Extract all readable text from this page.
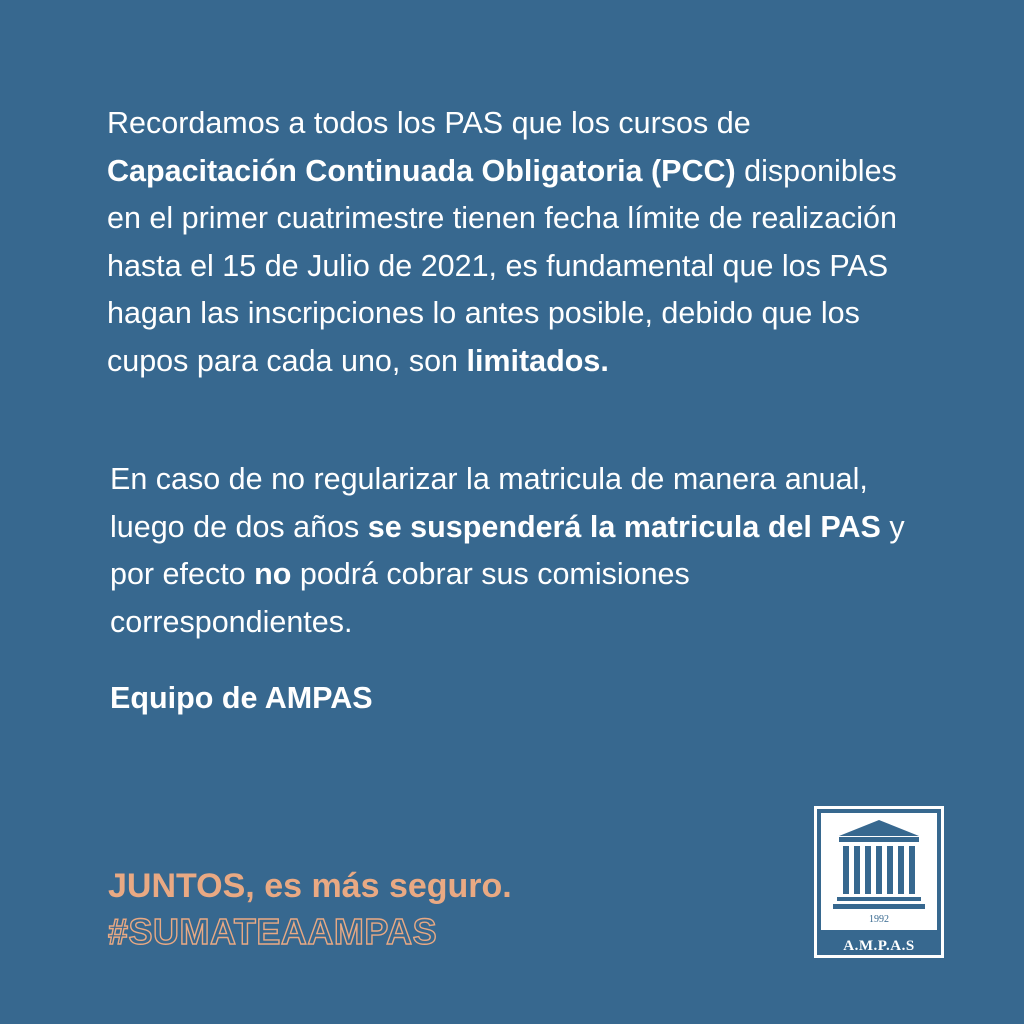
Recordamos a todos los PAS que los cursos de
Capacitación Continuada Obligatoria (PCC) disponibles en el primer cuatrimestre tienen fecha límite de realización hasta el 15 de Julio de 2021, es fundamental que los PAS hagan las inscripciones lo antes posible, debido que los cupos para cada uno, son limitados.

En caso de no regularizar la matricula de manera anual, luego de dos años se suspenderá la matricula del PAS y por efecto no podrá cobrar sus comisiones correspondientes.

Equipo de AMPAS

JUNTOS, es más seguro.

#SUMATEAAMPAS	1992
A.M.P.A.S
